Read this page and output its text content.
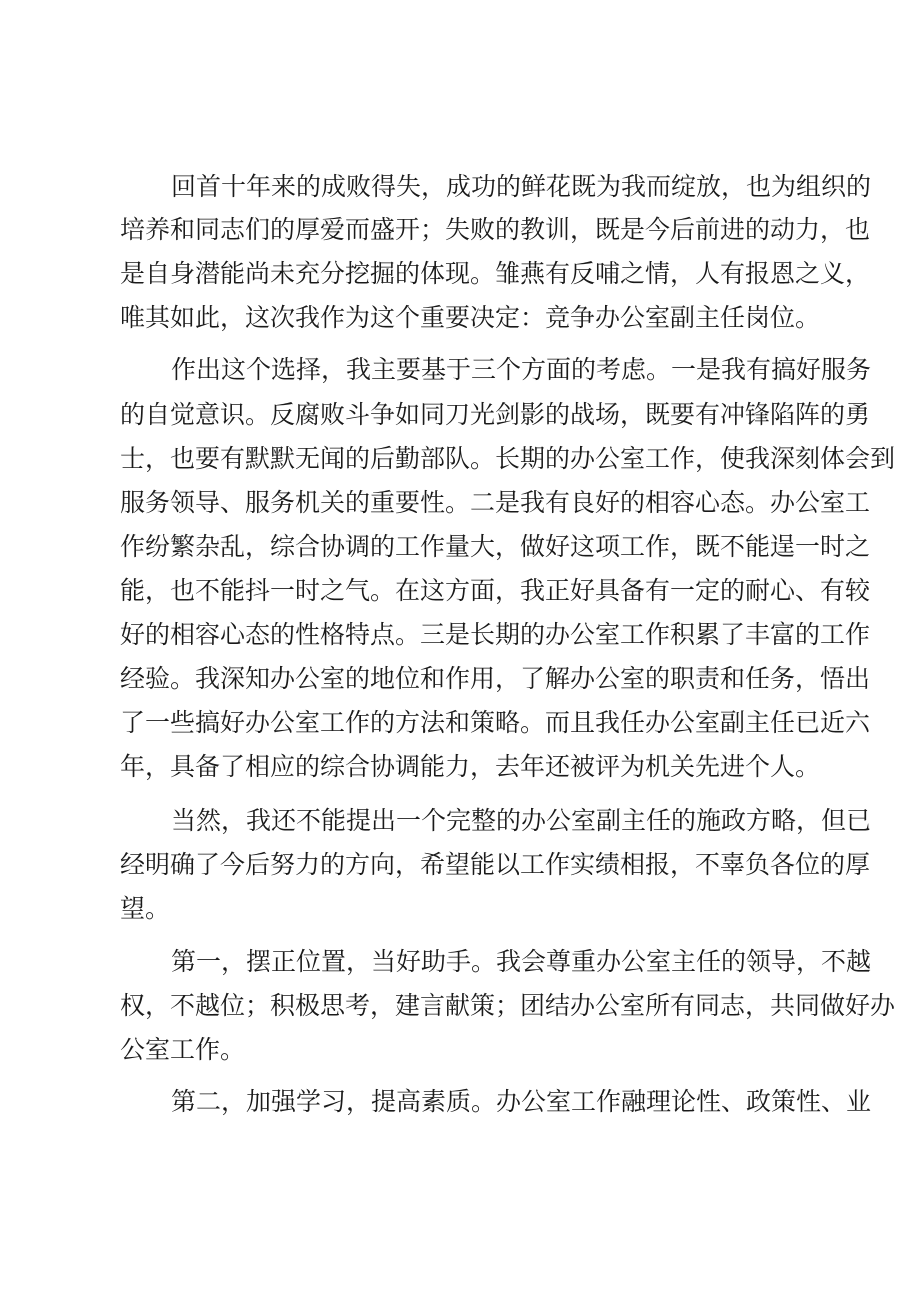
回首十年来的成败得失，成功的鲜花既为我而绽放，也为组织的
培养和同志们的厚爱而盛开；失败的教训，既是今后前进的动力，也
是自身潜能尚未充分挖掘的体现。雏燕有反哺之情，人有报恩之义，
唯其如此，这次我作为这个重要决定：竞争办公室副主任岗位。
作出这个选择，我主要基于三个方面的考虑。一是我有搞好服务
的自觉意识。反腐败斗争如同刀光剑影的战场，既要有冲锋陷阵的勇
士，也要有默默无闻的后勤部队。长期的办公室工作，使我深刻体会到
服务领导、服务机关的重要性。二是我有良好的相容心态。办公室工
作纷繁杂乱，综合协调的工作量大，做好这项工作，既不能逞一时之
能，也不能抖一时之气。在这方面，我正好具备有一定的耐心、有较
好的相容心态的性格特点。三是长期的办公室工作积累了丰富的工作
经验。我深知办公室的地位和作用，了解办公室的职责和任务，悟出
了一些搞好办公室工作的方法和策略。而且我任办公室副主任已近六
年，具备了相应的综合协调能力，去年还被评为机关先进个人。
当然，我还不能提出一个完整的办公室副主任的施政方略，但已
经明确了今后努力的方向，希望能以工作实绩相报，不辜负各位的厚
望。
第一，摆正位置，当好助手。我会尊重办公室主任的领导，不越
权，不越位；积极思考，建言献策；团结办公室所有同志，共同做好办
公室工作。
第二，加强学习，提高素质。办公室工作融理论性、政策性、业
